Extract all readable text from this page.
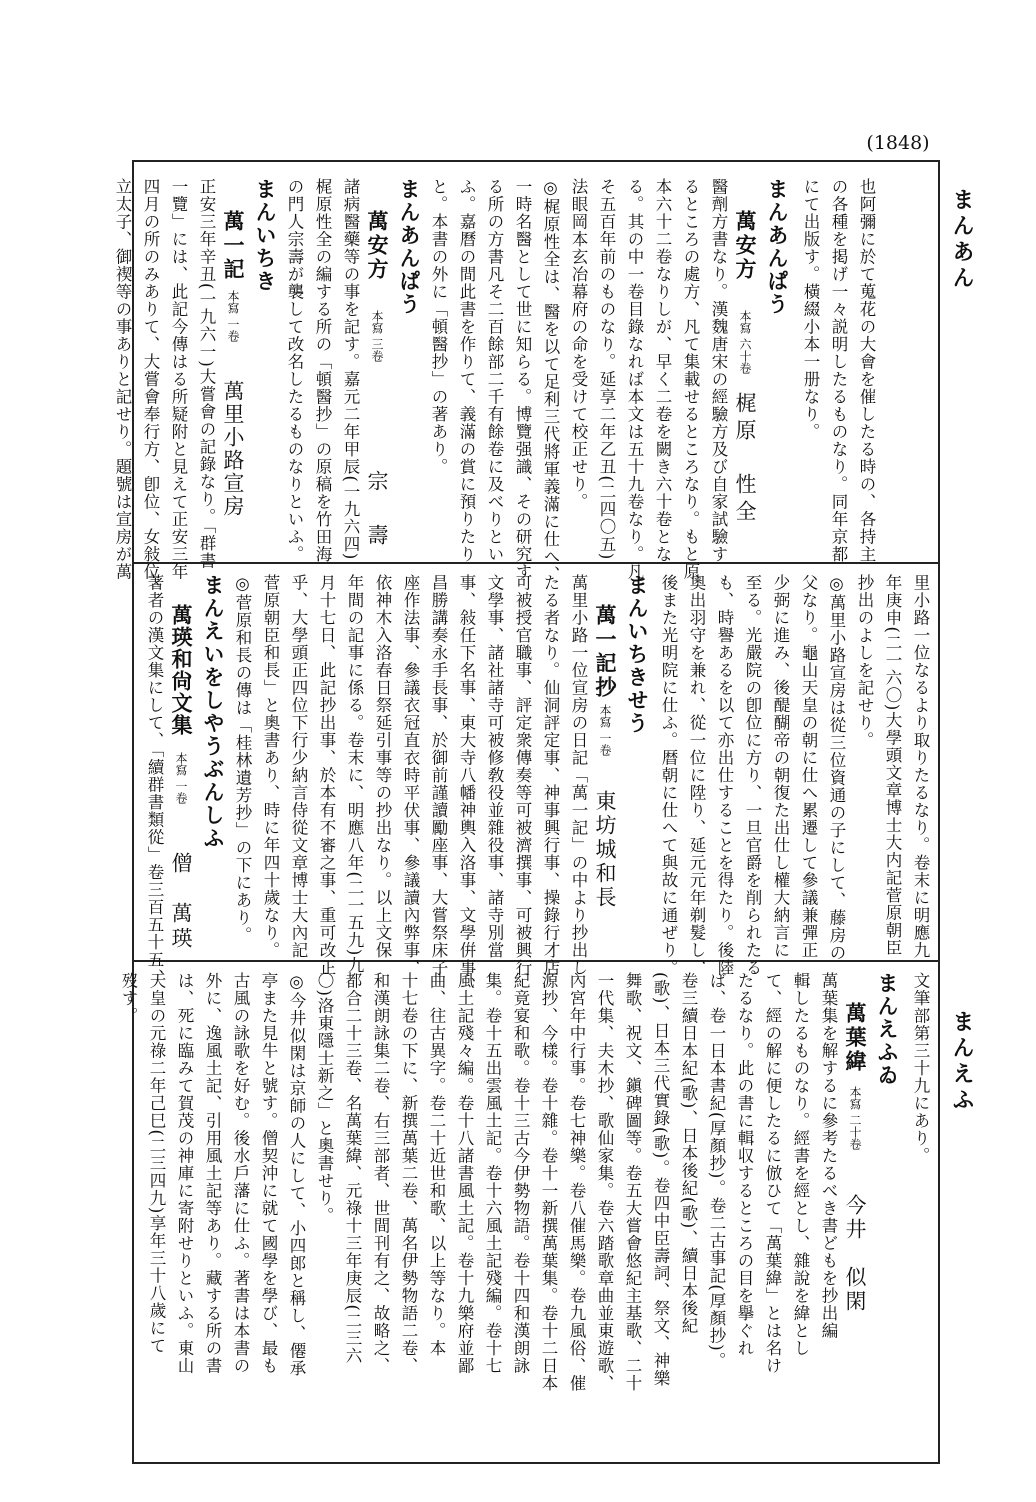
(1848)
まんあん
まんえふ
也阿彌に於て蒐花の大會を催したる時の、各持主
の各種を掲げ一々説明したるものなり。同年京都
にて出版す。橫綴小本一册なり。
まんあんぱう
萬安方
本寫 六十卷
梶原　性全
醫劑方書なり。漢魏唐宋の經驗方及び自家試驗す
るところの處方、凡て集載せるところなり。もと原
本六十二卷なりしが、早く二卷を闕き六十卷とな
る。其の中一卷目錄なれば本文は五十九卷なり。凡
そ五百年前のものなり。延享二年乙丑(二四〇五)
法眼岡本玄冶幕府の命を受けて校正せり。
◎梶原性全は、醫を以て足利三代將軍義滿に仕へ、
一時名醫として世に知らる。博覽强識、その研究す
る所の方書凡そ二百餘部二千有餘卷に及べりとい
ふ。嘉曆の間此書を作りて、義滿の賞に預りたり
と。本書の外に「頓醫抄」の著あり。
まんあんぱう
萬安方
本寫 三卷
宗　壽
諸病醫藥等の事を記す。嘉元二年甲辰(一九六四)
梶原性全の編する所の「頓醫抄」の原稿を竹田海
の門人宗壽が襲して改名したるものなりといふ。
まんいちき
萬一記
本寫 一卷
萬里小路宣房
正安三年辛丑(一九六一)大嘗會の記錄なり。「群書
一覽」には、此記今傳はる所疑附と見えて正安三年
四月の所のみありて、大嘗會奉行方、卽位、女敍位、
立太子、御禊等の事ありと記せり。題號は宣房が萬
里小路一位なるより取りたるなり。卷末に明應九
年庚申(二一六〇)大學頭文章博士大内記菅原朝臣
抄出のよしを記せり。
◎萬里小路宣房は從三位資通の子にして、藤房の
父なり。龜山天皇の朝に仕へ累遷して參議兼彈正
少弼に進み、後醍醐帝の朝復た出仕し權大納言に
至る。光嚴院の卽位に方り、一旦官爵を削られたる
も、時譽あるを以て亦出仕することを得たり。後陸
奧出羽守を兼れ、從一位に陞り、延元元年剃髮し、
後また光明院に仕ふ。暦朝に仕へて與故に通ぜり。
まんいちきせう
萬一記抄
本寫 一卷
東坊城和長
萬里小路一位宣房の日記「萬一記」の中より抄出し
たる者なり。仙洞評定事、神事興行事、操錄行才店
可被授官職事、評定衆傳奏等可被濟撰事、可被興行
文學事、諸社諸寺可被修敎役並雜役事、諸寺別當
事、敍任下名事、東大寺八幡神輿入洛事、文學倂事、
昌勝講奏永手長事、於御前謹讀勵座事、大嘗祭床子
座作法事、參議衣冠直衣時平伏事、參議讀內弊事、
依神木入洛春日祭延引事等の抄出なり。以上文保
年間の記事に係る。卷末に、明應八年(二一五九)九
月十七日、此記抄出事、於本有不審之事、重可改正
乎、大學頭正四位下行少納言侍從文章博士大內記
菅原朝臣和長」と奧書あり、時に年四十歲なり。
◎菅原和長の傳は「桂林遺芳抄」の下にあり。
まんえいをしやうぶんしふ
萬瑛和尙文集
本寫 一卷
僧　萬瑛
著者の漢文集にして、「續群書類從」卷三百五十五、
文筆部第三十九にあり。
まんえふゐ
萬葉緯
本寫 二十卷
今井　似閑
萬葉集を解するに參考たるべき書どもを抄出編
輯したるものなり。經書を經とし、雜說を緯とし
て、經の解に便したるに倣ひて「萬葉緯」とは名け
たるなり。此の書に輯収するところの目を擧ぐれ
ば、卷一日本書紀(厚顏抄)。卷二古事記(厚顏抄)。
卷三續日本紀(歌)、日本後紀(歌)、續日本後紀
(歌)、日本三代實錄(歌)。卷四中臣壽詞、祭文、神樂
舞歌、祝文、鎭碑圖等。卷五大嘗會悠紀主基歌、二十
一代集、夫木抄、歌仙家集。卷六踏歌章曲並東遊歌、
內宮年中行事。卷七神樂。卷八催馬樂。卷九風俗、催
源抄、今樣。卷十雜。卷十一新撰萬葉集。卷十二日本
紀竟宴和歌。卷十三古今伊勢物語。卷十四和漢朗詠
集。卷十五出雲風土記。卷十六風土記殘編。卷十七
風土記殘々編。卷十八諸書風土記。卷十九樂府並鄙
曲、往古異字。卷二十近世和歌、以上等なり。本
十七卷の下に、新撰萬葉二卷、萬名伊勢物語二卷、
和漢朗詠集二卷、右三部者、世間刊有之、故略之、
都合二十三卷、名萬葉緯、元祿十三年庚辰(二三六
〇)洛東隱士新之」と奧書せり。
◎今井似閑は京師の人にして、小四郎と稱し、僊承
亭また見牛と號す。僧契沖に就て國學を學び、最も
古風の詠歌を好む。後水戶藩に仕ふ。著書は本書の
外に、逸風土記、引用風土記等あり。藏する所の書
は、死に臨みて賀茂の神庫に寄附せりといふ。東山
天皇の元祿二年己巳(二三四九)享年三十八歲にて
歿す。
